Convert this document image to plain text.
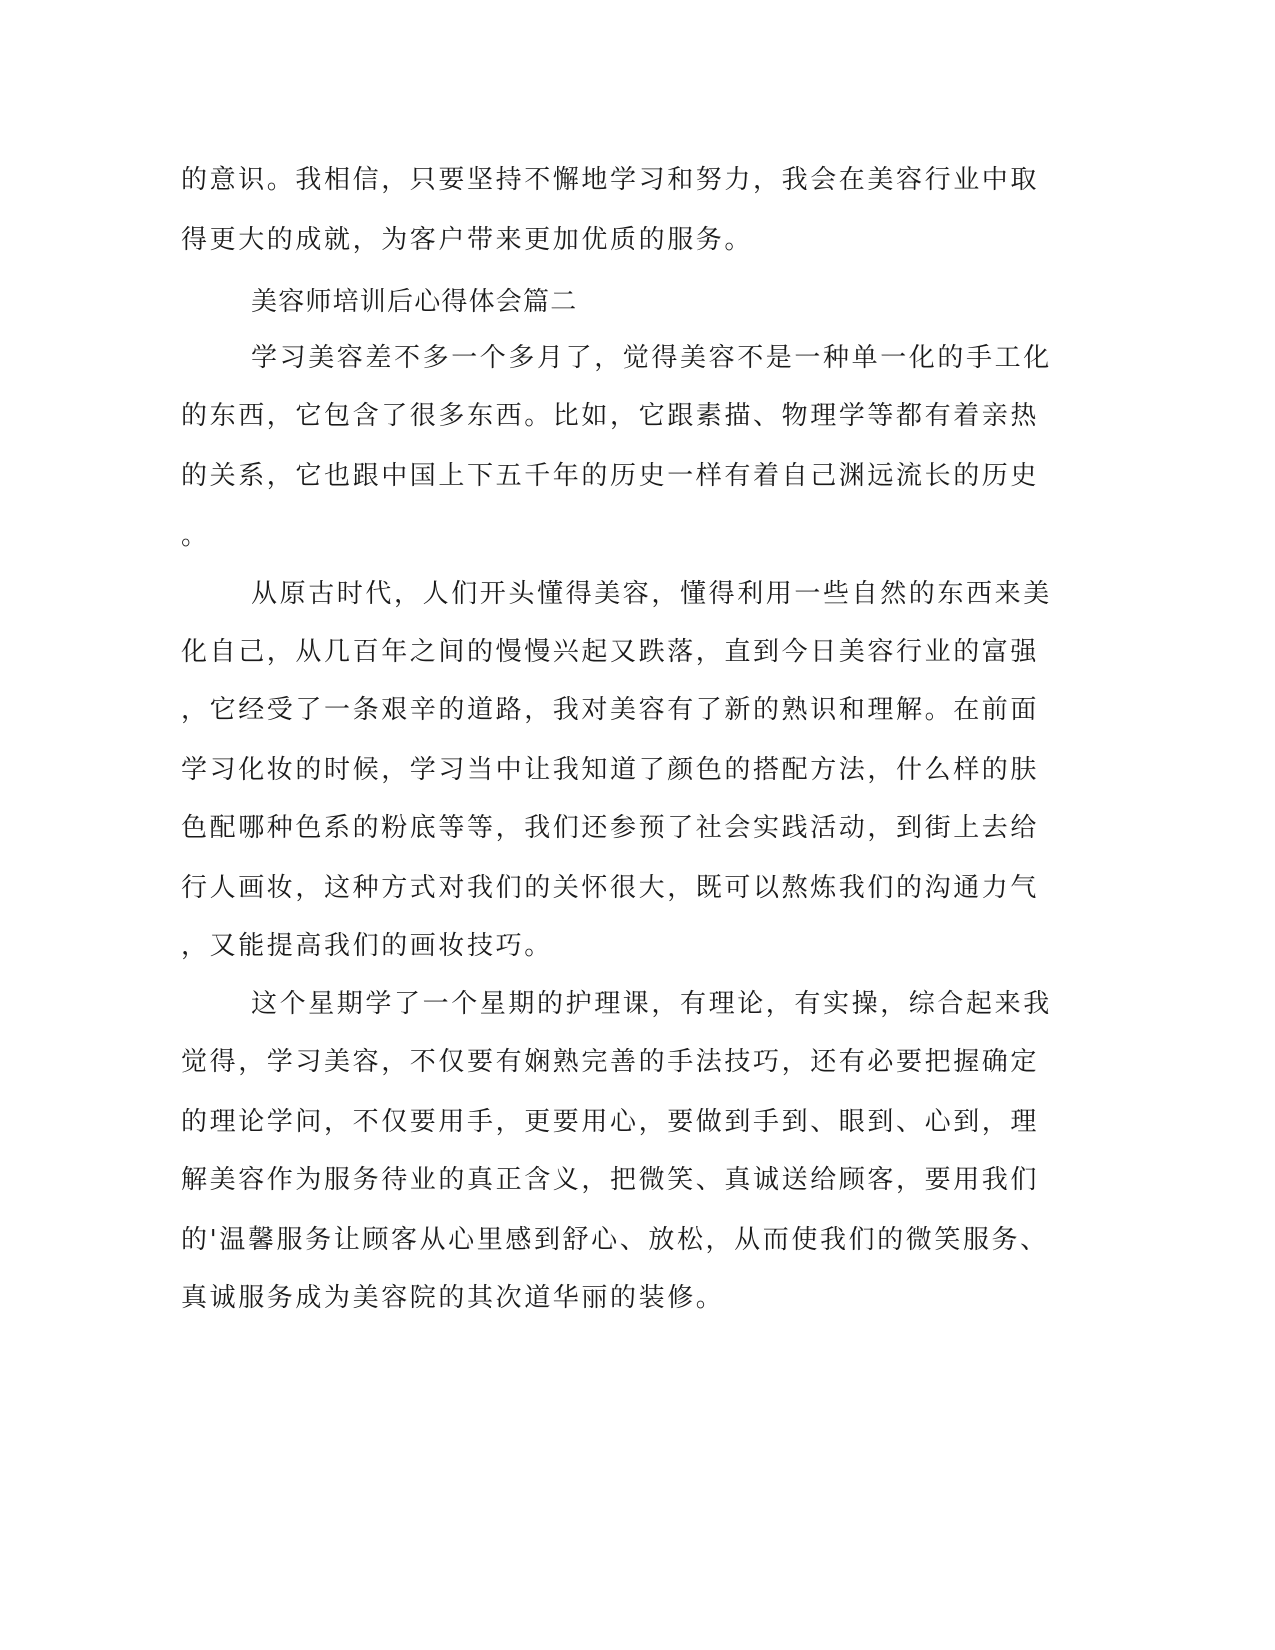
的意识。我相信，只要坚持不懈地学习和努力，我会在美容行业中取
得更大的成就，为客户带来更加优质的服务。
美容师培训后心得体会篇二
学习美容差不多一个多月了，觉得美容不是一种单一化的手工化
的东西，它包含了很多东西。比如，它跟素描、物理学等都有着亲热
的关系，它也跟中国上下五千年的历史一样有着自己渊远流长的历史
。
从原古时代，人们开头懂得美容，懂得利用一些自然的东西来美
化自己，从几百年之间的慢慢兴起又跌落，直到今日美容行业的富强
，它经受了一条艰辛的道路，我对美容有了新的熟识和理解。在前面
学习化妆的时候，学习当中让我知道了颜色的搭配方法，什么样的肤
色配哪种色系的粉底等等，我们还参预了社会实践活动，到街上去给
行人画妆，这种方式对我们的关怀很大，既可以熬炼我们的沟通力气
，又能提高我们的画妆技巧。
这个星期学了一个星期的护理课，有理论，有实操，综合起来我
觉得，学习美容，不仅要有娴熟完善的手法技巧，还有必要把握确定
的理论学问，不仅要用手，更要用心，要做到手到、眼到、心到，理
解美容作为服务待业的真正含义，把微笑、真诚送给顾客，要用我们
的'温馨服务让顾客从心里感到舒心、放松，从而使我们的微笑服务、
真诚服务成为美容院的其次道华丽的装修。
